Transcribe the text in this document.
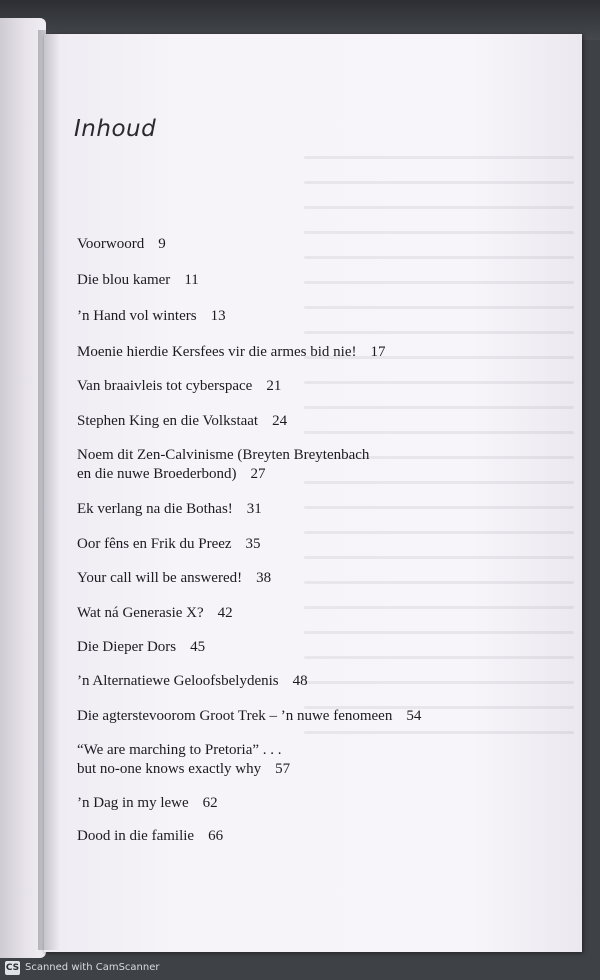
Inhoud
Voorwoord 9
Die blou kamer 11
’n Hand vol winters 13
Moenie hierdie Kersfees vir die armes bid nie! 17
Van braaivleis tot cyberspace 21
Stephen King en die Volkstaat 24
Noem dit Zen-Calvinisme (Breyten Breytenbach
en die nuwe Broederbond) 27
Ek verlang na die Bothas! 31
Oor fêns en Frik du Preez 35
Your call will be answered! 38
Wat ná Generasie X? 42
Die Dieper Dors 45
’n Alternatiewe Geloofsbelydenis 48
Die agterstevoorom Groot Trek – ’n nuwe fenomeen 54
“We are marching to Pretoria” . . .
but no-one knows exactly why 57
’n Dag in my lewe 62
Dood in die familie 66
CS Scanned with CamScanner
